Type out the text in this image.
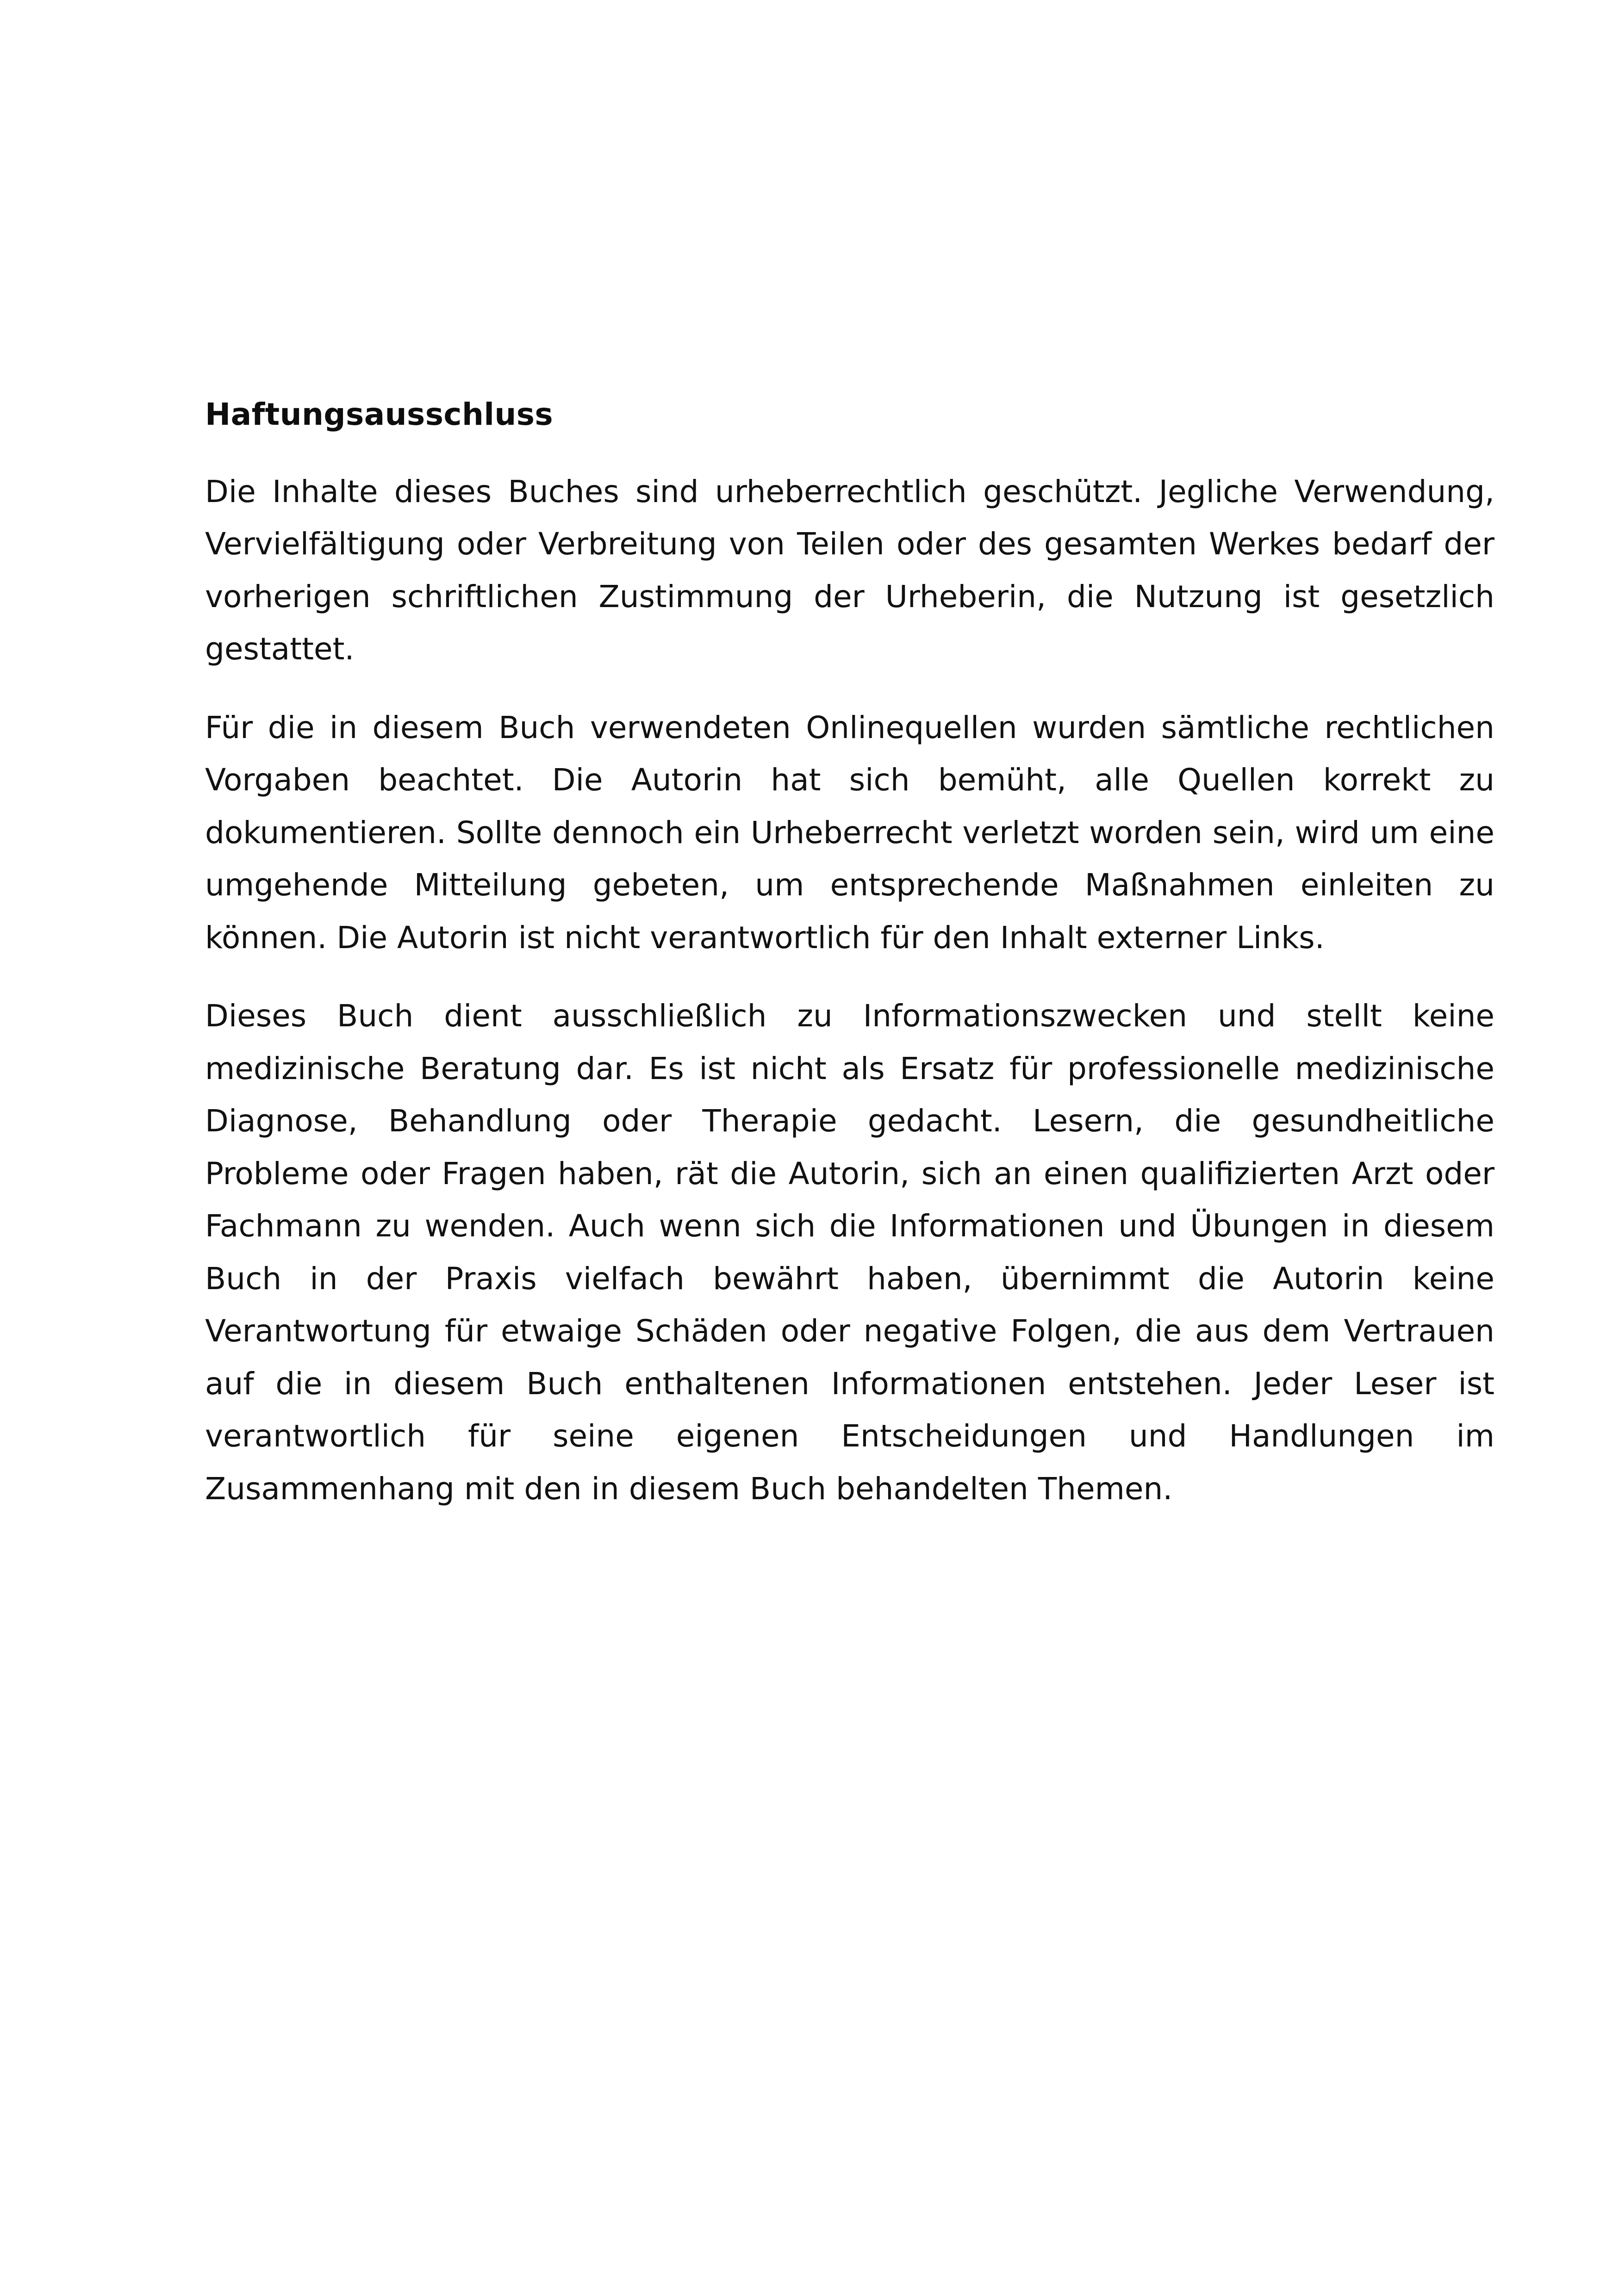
Haftungsausschluss

Die Inhalte dieses Buches sind urheberrechtlich geschützt. Jegliche Verwendung, Vervielfältigung oder Verbreitung von Teilen oder des gesamten Werkes bedarf der vorherigen schriftlichen Zustimmung der Urheberin, die Nutzung ist gesetzlich gestattet.

Für die in diesem Buch verwendeten Onlinequellen wurden sämtliche rechtlichen Vorgaben beachtet. Die Autorin hat sich bemüht, alle Quellen korrekt zu dokumentieren. Sollte dennoch ein Urheberrecht verletzt worden sein, wird um eine umgehende Mitteilung gebeten, um entsprechende Maßnahmen einleiten zu können. Die Autorin ist nicht verantwortlich für den Inhalt externer Links.

Dieses Buch dient ausschließlich zu Informationszwecken und stellt keine medizinische Beratung dar. Es ist nicht als Ersatz für professionelle medizinische Diagnose, Behandlung oder Therapie gedacht. Lesern, die gesundheitliche Probleme oder Fragen haben, rät die Autorin, sich an einen qualifizierten Arzt oder Fachmann zu wenden. Auch wenn sich die Informationen und Übungen in diesem Buch in der Praxis vielfach bewährt haben, übernimmt die Autorin keine Verantwortung für etwaige Schäden oder negative Folgen, die aus dem Vertrauen auf die in diesem Buch enthaltenen Informationen entstehen. Jeder Leser ist verantwortlich für seine eigenen Entscheidungen und Handlungen im Zusammenhang mit den in diesem Buch behandelten Themen.
